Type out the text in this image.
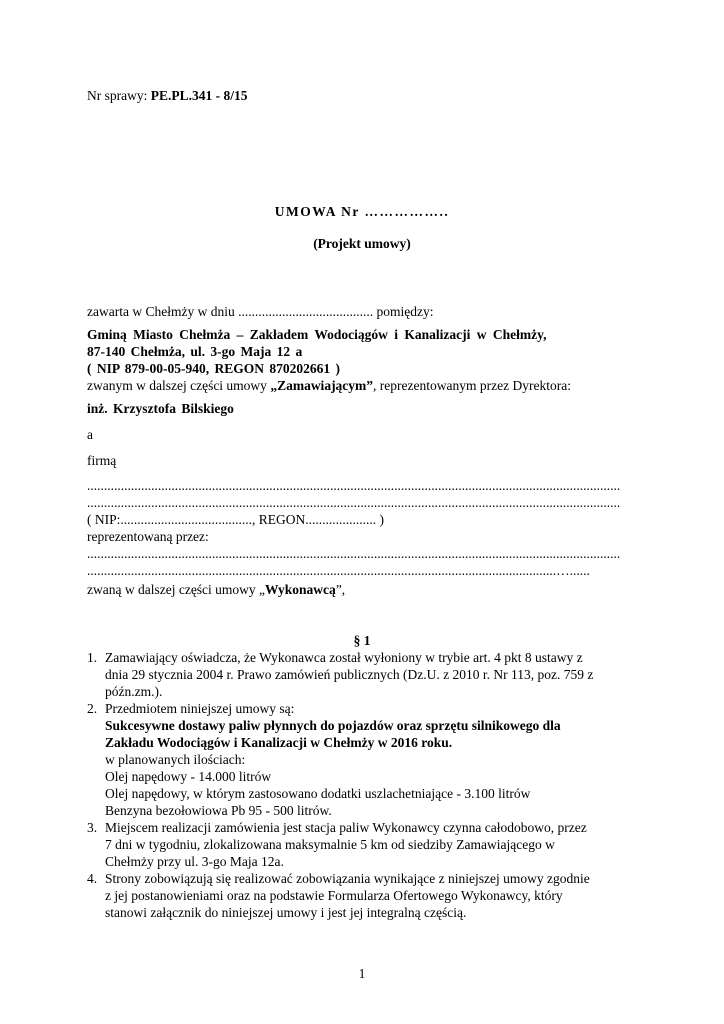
Nr sprawy: PE.PL.341 - 8/15
UMOWA Nr ……………..
(Projekt umowy)
zawarta w Chełmży w dniu ........................................ pomiędzy:
Gminą Miasto Chełmża – Zakładem Wodociągów i Kanalizacji w Chełmży,
87-140 Chełmża, ul. 3-go Maja 12 a
( NIP 879-00-05-940, REGON 870202661 )
zwanym w dalszej części umowy „Zamawiającym”, reprezentowanym przez Dyrektora:
inż. Krzysztofa Bilskiego
a
firmą
..............................................................................................................................................................
..............................................................................................................................................................
( NIP:......................................., REGON..................... )
reprezentowaną przez:
..............................................................................................................................................................
...........................................................................................................................................…......
zwaną w dalszej części umowy „Wykonawcą”,
§ 1
1. Zamawiający oświadcza, że Wykonawca został wyłoniony w trybie art. 4 pkt 8 ustawy z
dnia 29 stycznia 2004 r. Prawo zamówień publicznych (Dz.U. z 2010 r. Nr 113, poz. 759 z
późn.zm.).
2. Przedmiotem niniejszej umowy są:
Sukcesywne dostawy paliw płynnych do pojazdów oraz sprzętu silnikowego dla
Zakładu Wodociągów i Kanalizacji w Chełmży w 2016 roku.
w planowanych ilościach:
Olej napędowy - 14.000 litrów
Olej napędowy, w którym zastosowano dodatki uszlachetniające - 3.100 litrów
Benzyna bezołowiowa Pb 95 - 500 litrów.
3. Miejscem realizacji zamówienia jest stacja paliw Wykonawcy czynna całodobowo, przez
7 dni w tygodniu, zlokalizowana maksymalnie 5 km od siedziby Zamawiającego w
Chełmży przy ul. 3-go Maja 12a.
4. Strony zobowiązują się realizować zobowiązania wynikające z niniejszej umowy zgodnie
z jej postanowieniami oraz na podstawie Formularza Ofertowego Wykonawcy, który
stanowi załącznik do niniejszej umowy i jest jej integralną częścią.
1
